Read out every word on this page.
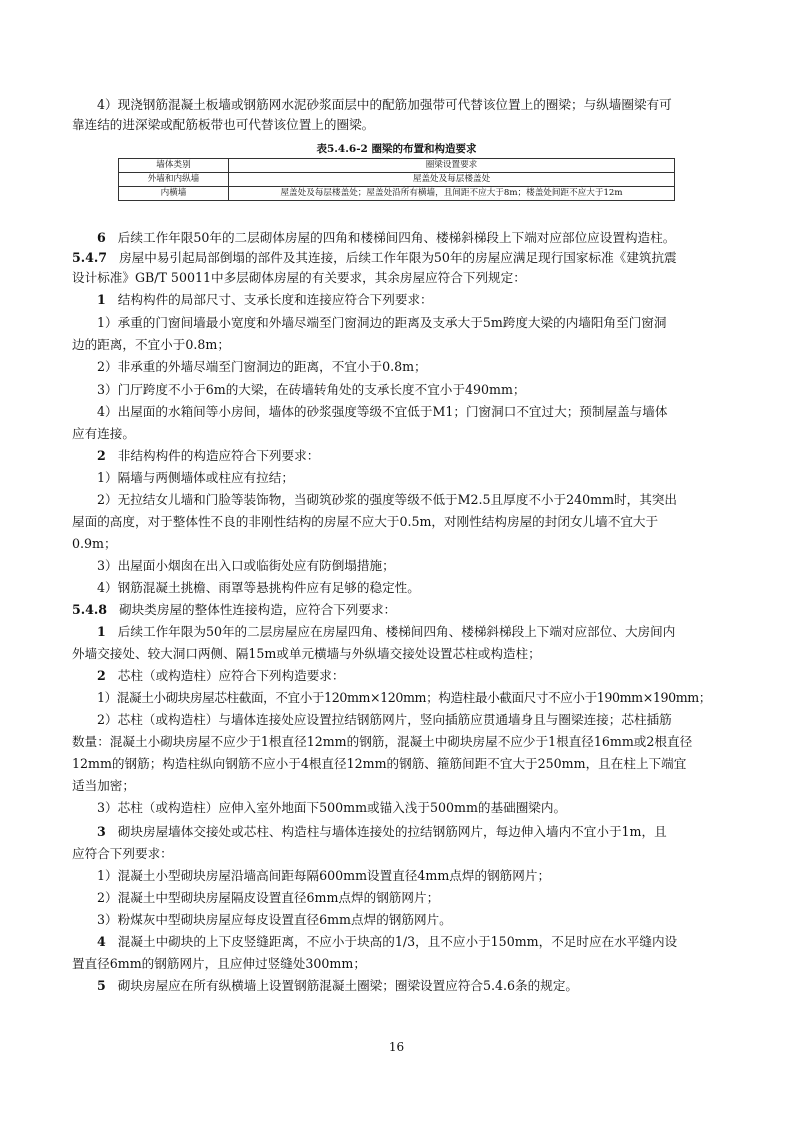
4）现浇钢筋混凝土板墙或钢筋网水泥砂浆面层中的配筋加强带可代替该位置上的圈梁；与纵墙圈梁有可
靠连结的进深梁或配筋板带也可代替该位置上的圈梁。
表5.4.6-2 圈梁的布置和构造要求
墙体类别	圈梁设置要求
外墙和内纵墙	屋盖处及每层楼盖处
内横墙	屋盖处及每层楼盖处；屋盖处沿所有横墙，且间距不应大于8m；楼盖处间距不应大于12m
6 后续工作年限50年的二层砌体房屋的四角和楼梯间四角、楼梯斜梯段上下端对应部位应设置构造柱。
5.4.7 房屋中易引起局部倒塌的部件及其连接，后续工作年限为50年的房屋应满足现行国家标准《建筑抗震
设计标准》GB/T 50011中多层砌体房屋的有关要求，其余房屋应符合下列规定：
1 结构构件的局部尺寸、支承长度和连接应符合下列要求：
1）承重的门窗间墙最小宽度和外墙尽端至门窗洞边的距离及支承大于5m跨度大梁的内墙阳角至门窗洞
边的距离，不宜小于0.8m；
2）非承重的外墙尽端至门窗洞边的距离，不宜小于0.8m；
3）门厅跨度不小于6m的大梁，在砖墙转角处的支承长度不宜小于490mm；
4）出屋面的水箱间等小房间，墙体的砂浆强度等级不宜低于M1；门窗洞口不宜过大；预制屋盖与墙体
应有连接。
2 非结构构件的构造应符合下列要求：
1）隔墙与两侧墙体或柱应有拉结；
2）无拉结女儿墙和门脸等装饰物，当砌筑砂浆的强度等级不低于M2.5且厚度不小于240mm时，其突出
屋面的高度，对于整体性不良的非刚性结构的房屋不应大于0.5m，对刚性结构房屋的封闭女儿墙不宜大于
0.9m；
3）出屋面小烟囱在出入口或临街处应有防倒塌措施；
4）钢筋混凝土挑檐、雨罩等悬挑构件应有足够的稳定性。
5.4.8 砌块类房屋的整体性连接构造，应符合下列要求：
1 后续工作年限为50年的二层房屋应在房屋四角、楼梯间四角、楼梯斜梯段上下端对应部位、大房间内
外墙交接处、较大洞口两侧、隔15m或单元横墙与外纵墙交接处设置芯柱或构造柱；
2 芯柱（或构造柱）应符合下列构造要求：
1）混凝土小砌块房屋芯柱截面，不宜小于120mm×120mm；构造柱最小截面尺寸不应小于190mm×190mm；
2）芯柱（或构造柱）与墙体连接处应设置拉结钢筋网片，竖向插筋应贯通墙身且与圈梁连接；芯柱插筋
数量：混凝土小砌块房屋不应少于1根直径12mm的钢筋，混凝土中砌块房屋不应少于1根直径16mm或2根直径
12mm的钢筋；构造柱纵向钢筋不应小于4根直径12mm的钢筋、箍筋间距不宜大于250mm，且在柱上下端宜
适当加密；
3）芯柱（或构造柱）应伸入室外地面下500mm或锚入浅于500mm的基础圈梁内。
3 砌块房屋墙体交接处或芯柱、构造柱与墙体连接处的拉结钢筋网片，每边伸入墙内不宜小于1m，且
应符合下列要求：
1）混凝土小型砌块房屋沿墙高间距每隔600mm设置直径4mm点焊的钢筋网片；
2）混凝土中型砌块房屋隔皮设置直径6mm点焊的钢筋网片；
3）粉煤灰中型砌块房屋应每皮设置直径6mm点焊的钢筋网片。
4 混凝土中砌块的上下皮竖缝距离，不应小于块高的1/3，且不应小于150mm，不足时应在水平缝内设
置直径6mm的钢筋网片，且应伸过竖缝处300mm；
5 砌块房屋应在所有纵横墙上设置钢筋混凝土圈梁；圈梁设置应符合5.4.6条的规定。
16
